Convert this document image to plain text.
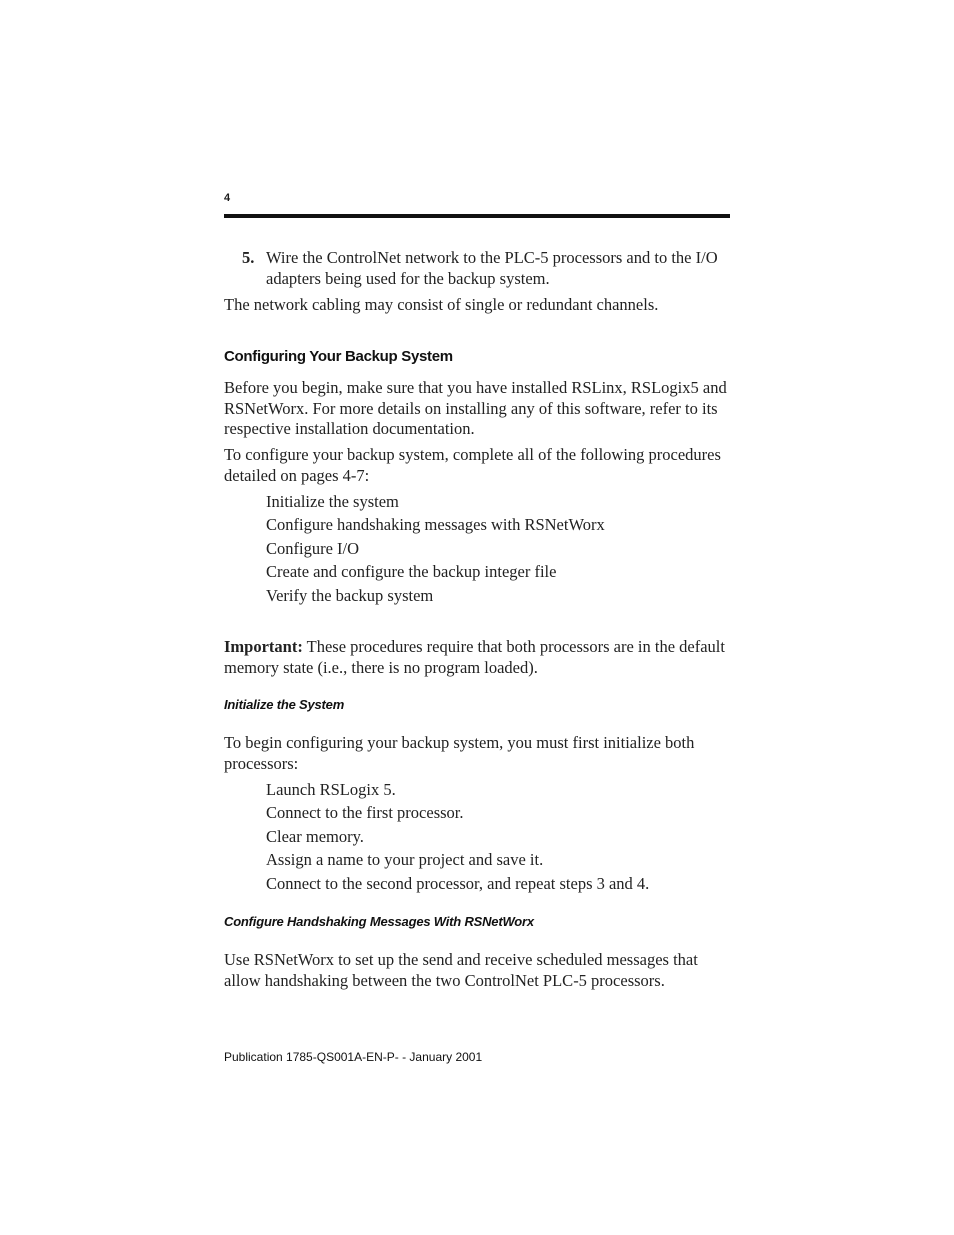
4
5. Wire the ControlNet network to the PLC-5 processors and to the I/O adapters being used for the backup system.

The network cabling may consist of single or redundant channels.

Configuring Your Backup System

Before you begin, make sure that you have installed RSLinx, RSLogix5 and RSNetWorx. For more details on installing any of this software, refer to its respective installation documentation.

To configure your backup system, complete all of the following procedures detailed on pages 4-7:

Initialize the system
Configure handshaking messages with RSNetWorx
Configure I/O
Create and configure the backup integer file
Verify the backup system

Important: These procedures require that both processors are in the default memory state (i.e., there is no program loaded).

Initialize the System

To begin configuring your backup system, you must first initialize both processors:

Launch RSLogix 5.
Connect to the first processor.
Clear memory.
Assign a name to your project and save it.
Connect to the second processor, and repeat steps 3 and 4.
Configure Handshaking Messages With RSNetWorx

Use RSNetWorx to set up the send and receive scheduled messages that allow handshaking between the two ControlNet PLC-5 processors.

Publication 1785-QS001A-EN-P- - January 2001
